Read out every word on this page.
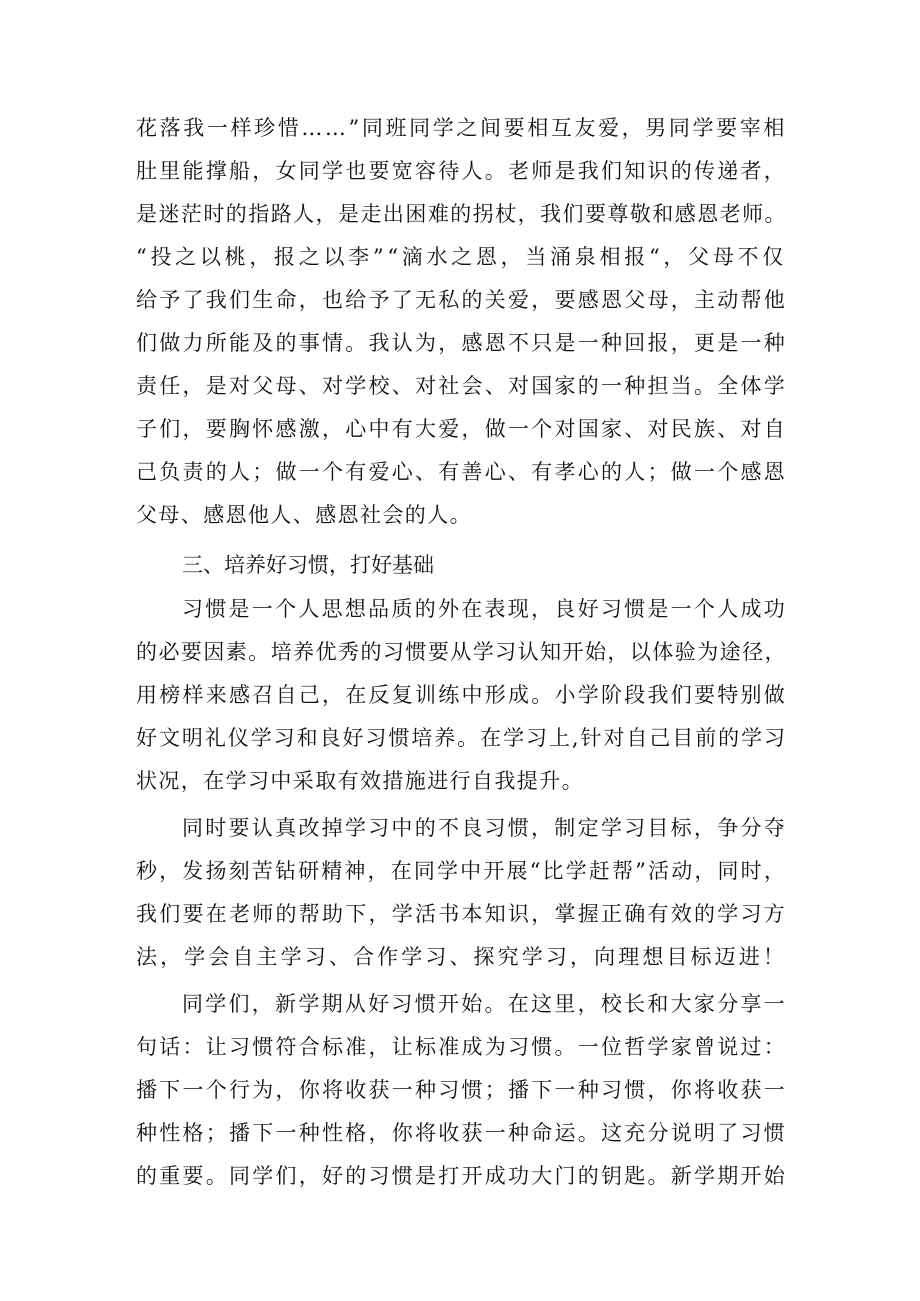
花落我一样珍惜……”同班同学之间要相互友爱，男同学要宰相
肚里能撑船，女同学也要宽容待人。老师是我们知识的传递者，
是迷茫时的指路人，是走出困难的拐杖，我们要尊敬和感恩老师。
“投之以桃，报之以李”“滴水之恩，当涌泉相报“，父母不仅
给予了我们生命，也给予了无私的关爱，要感恩父母，主动帮他
们做力所能及的事情。我认为，感恩不只是一种回报，更是一种
责任，是对父母、对学校、对社会、对国家的一种担当。全体学
子们，要胸怀感激，心中有大爱，做一个对国家、对民族、对自
己负责的人；做一个有爱心、有善心、有孝心的人；做一个感恩
父母、感恩他人、感恩社会的人。
三、培养好习惯，打好基础
习惯是一个人思想品质的外在表现，良好习惯是一个人成功
的必要因素。培养优秀的习惯要从学习认知开始，以体验为途径，
用榜样来感召自己，在反复训练中形成。小学阶段我们要特别做
好文明礼仪学习和良好习惯培养。在学习上,针对自己目前的学习
状况，在学习中采取有效措施进行自我提升。
同时要认真改掉学习中的不良习惯，制定学习目标，争分夺
秒，发扬刻苦钻研精神，在同学中开展“比学赶帮”活动，同时，
我们要在老师的帮助下，学活书本知识，掌握正确有效的学习方
法，学会自主学习、合作学习、探究学习，向理想目标迈进！
同学们，新学期从好习惯开始。在这里，校长和大家分享一
句话：让习惯符合标准，让标准成为习惯。一位哲学家曾说过：
播下一个行为，你将收获一种习惯；播下一种习惯，你将收获一
种性格；播下一种性格，你将收获一种命运。这充分说明了习惯
的重要。同学们，好的习惯是打开成功大门的钥匙。新学期开始
